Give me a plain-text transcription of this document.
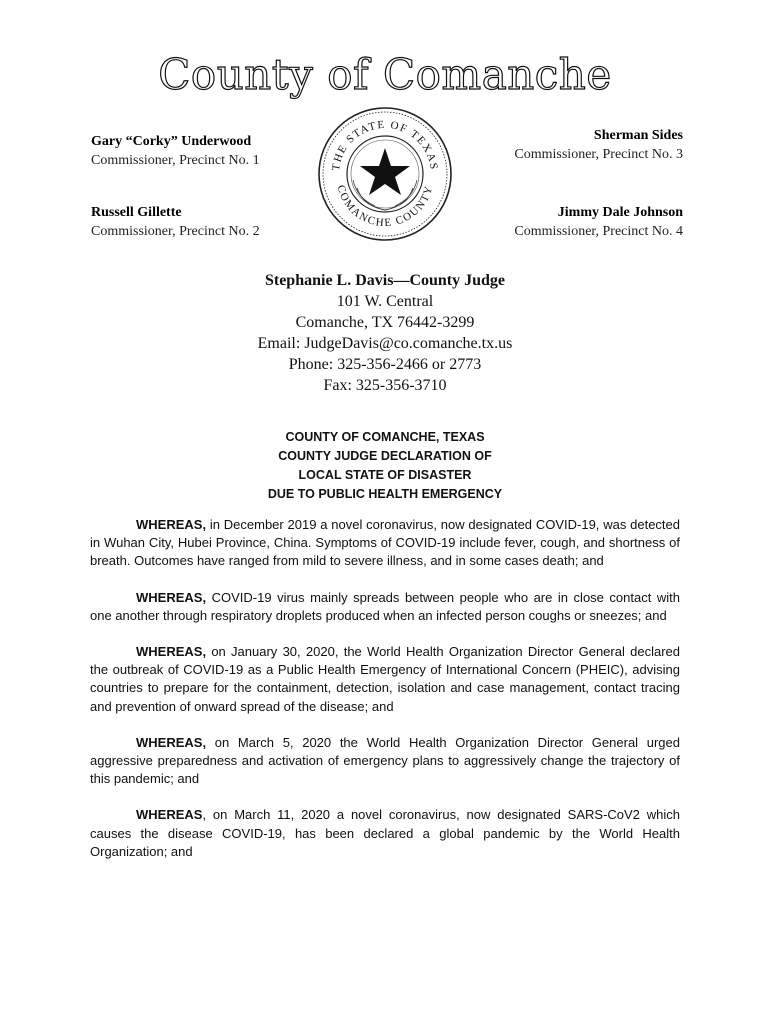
County of Comanche
Gary “Corky” Underwood
Commissioner, Precinct No. 1
Russell Gillette
Commissioner, Precinct No. 2
Sherman Sides
Commissioner, Precinct No. 3
Jimmy Dale Johnson
Commissioner, Precinct No. 4
THE STATE OF TEXAS
COMANCHE COUNTY
Stephanie L. Davis—County Judge
101 W. Central
Comanche, TX 76442-3299
Email: JudgeDavis@co.comanche.tx.us
Phone: 325-356-2466 or 2773
Fax: 325-356-3710
COUNTY OF COMANCHE, TEXAS
COUNTY JUDGE DECLARATION OF
LOCAL STATE OF DISASTER
DUE TO PUBLIC HEALTH EMERGENCY

WHEREAS, in December 2019 a novel coronavirus, now designated COVID-19, was detected in Wuhan City, Hubei Province, China. Symptoms of COVID-19 include fever, cough, and shortness of breath. Outcomes have ranged from mild to severe illness, and in some cases death; and

WHEREAS, COVID-19 virus mainly spreads between people who are in close contact with one another through respiratory droplets produced when an infected person coughs or sneezes; and

WHEREAS, on January 30, 2020, the World Health Organization Director General declared the outbreak of COVID-19 as a Public Health Emergency of International Concern (PHEIC), advising countries to prepare for the containment, detection, isolation and case management, contact tracing and prevention of onward spread of the disease; and

WHEREAS, on March 5, 2020 the World Health Organization Director General urged aggressive preparedness and activation of emergency plans to aggressively change the trajectory of this pandemic; and

WHEREAS, on March 11, 2020 a novel coronavirus, now designated SARS-CoV2 which causes the disease COVID-19, has been declared a global pandemic by the World Health Organization; and
